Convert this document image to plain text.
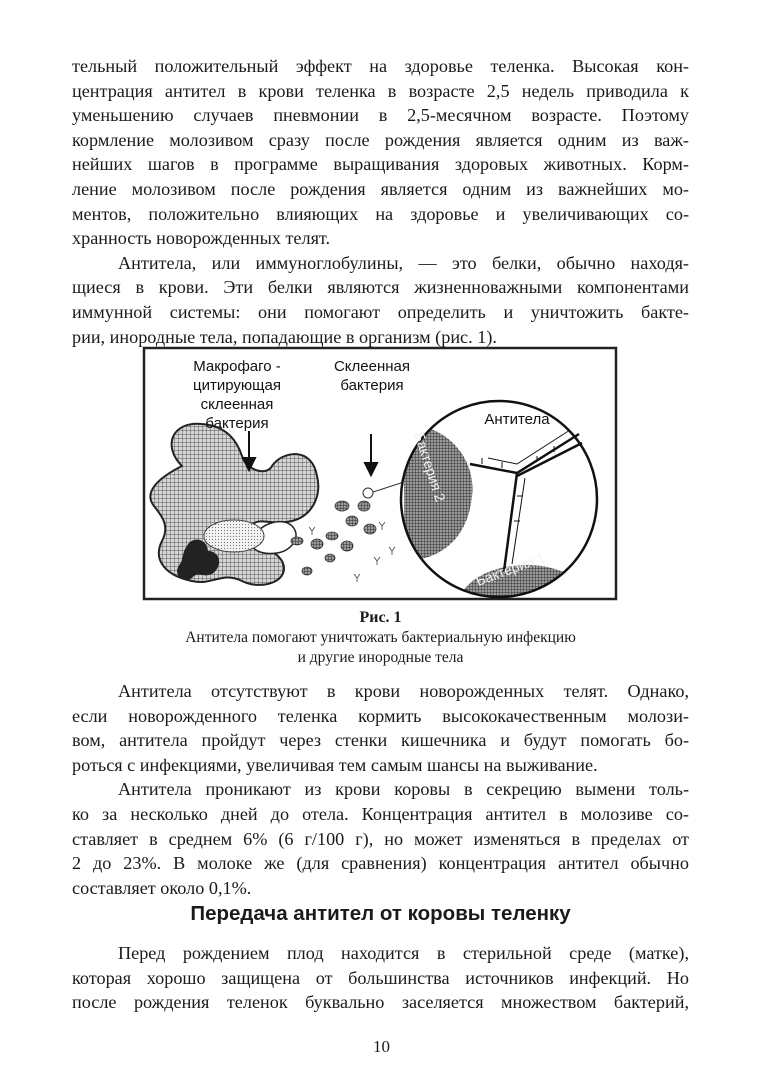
тельный положительный эффект на здоровье теленка. Высокая кон-
центрация антител в крови теленка в возрасте 2,5 недель приводила к
уменьшению случаев пневмонии в 2,5-месячном возрасте. Поэтому
кормление молозивом сразу после рождения является одним из важ-
нейших шагов в программе выращивания здоровых животных. Корм-
ление молозивом после рождения является одним из важнейших мо-
ментов, положительно влияющих на здоровье и увеличивающих со-
хранность новорожденных телят.

Антитела, или иммуноглобулины, — это белки, обычно находя-
щиеся в крови. Эти белки являются жизненноважными компонентами
иммунной системы: они помогают определить и уничтожить бакте-
рии, инородные тела, попадающие в организм (рис. 1).

Макрофаго -
цитирующая
склеенная
бактерия
Склеенная
бактерия
Антитела
Бактерия 2
Бактерия 1
Рис. 1
Антитела помогают уничтожать бактериальную инфекцию
и другие инородные тела

Антитела отсутствуют в крови новорожденных телят. Однако,
если новорожденного теленка кормить высококачественным молози-
вом, антитела пройдут через стенки кишечника и будут помогать бо-
роться с инфекциями, увеличивая тем самым шансы на выживание.

Антитела проникают из крови коровы в секрецию вымени толь-
ко за несколько дней до отела. Концентрация антител в молозиве со-
ставляет в среднем 6% (6 г/100 г), но может изменяться в пределах от
2 до 23%. В молоке же (для сравнения) концентрация антител обычно
составляет около 0,1%.

Передача антител от коровы теленку

Перед рождением плод находится в стерильной среде (матке),
которая хорошо защищена от большинства источников инфекций. Но
после рождения теленок буквально заселяется множеством бактерий,

10
